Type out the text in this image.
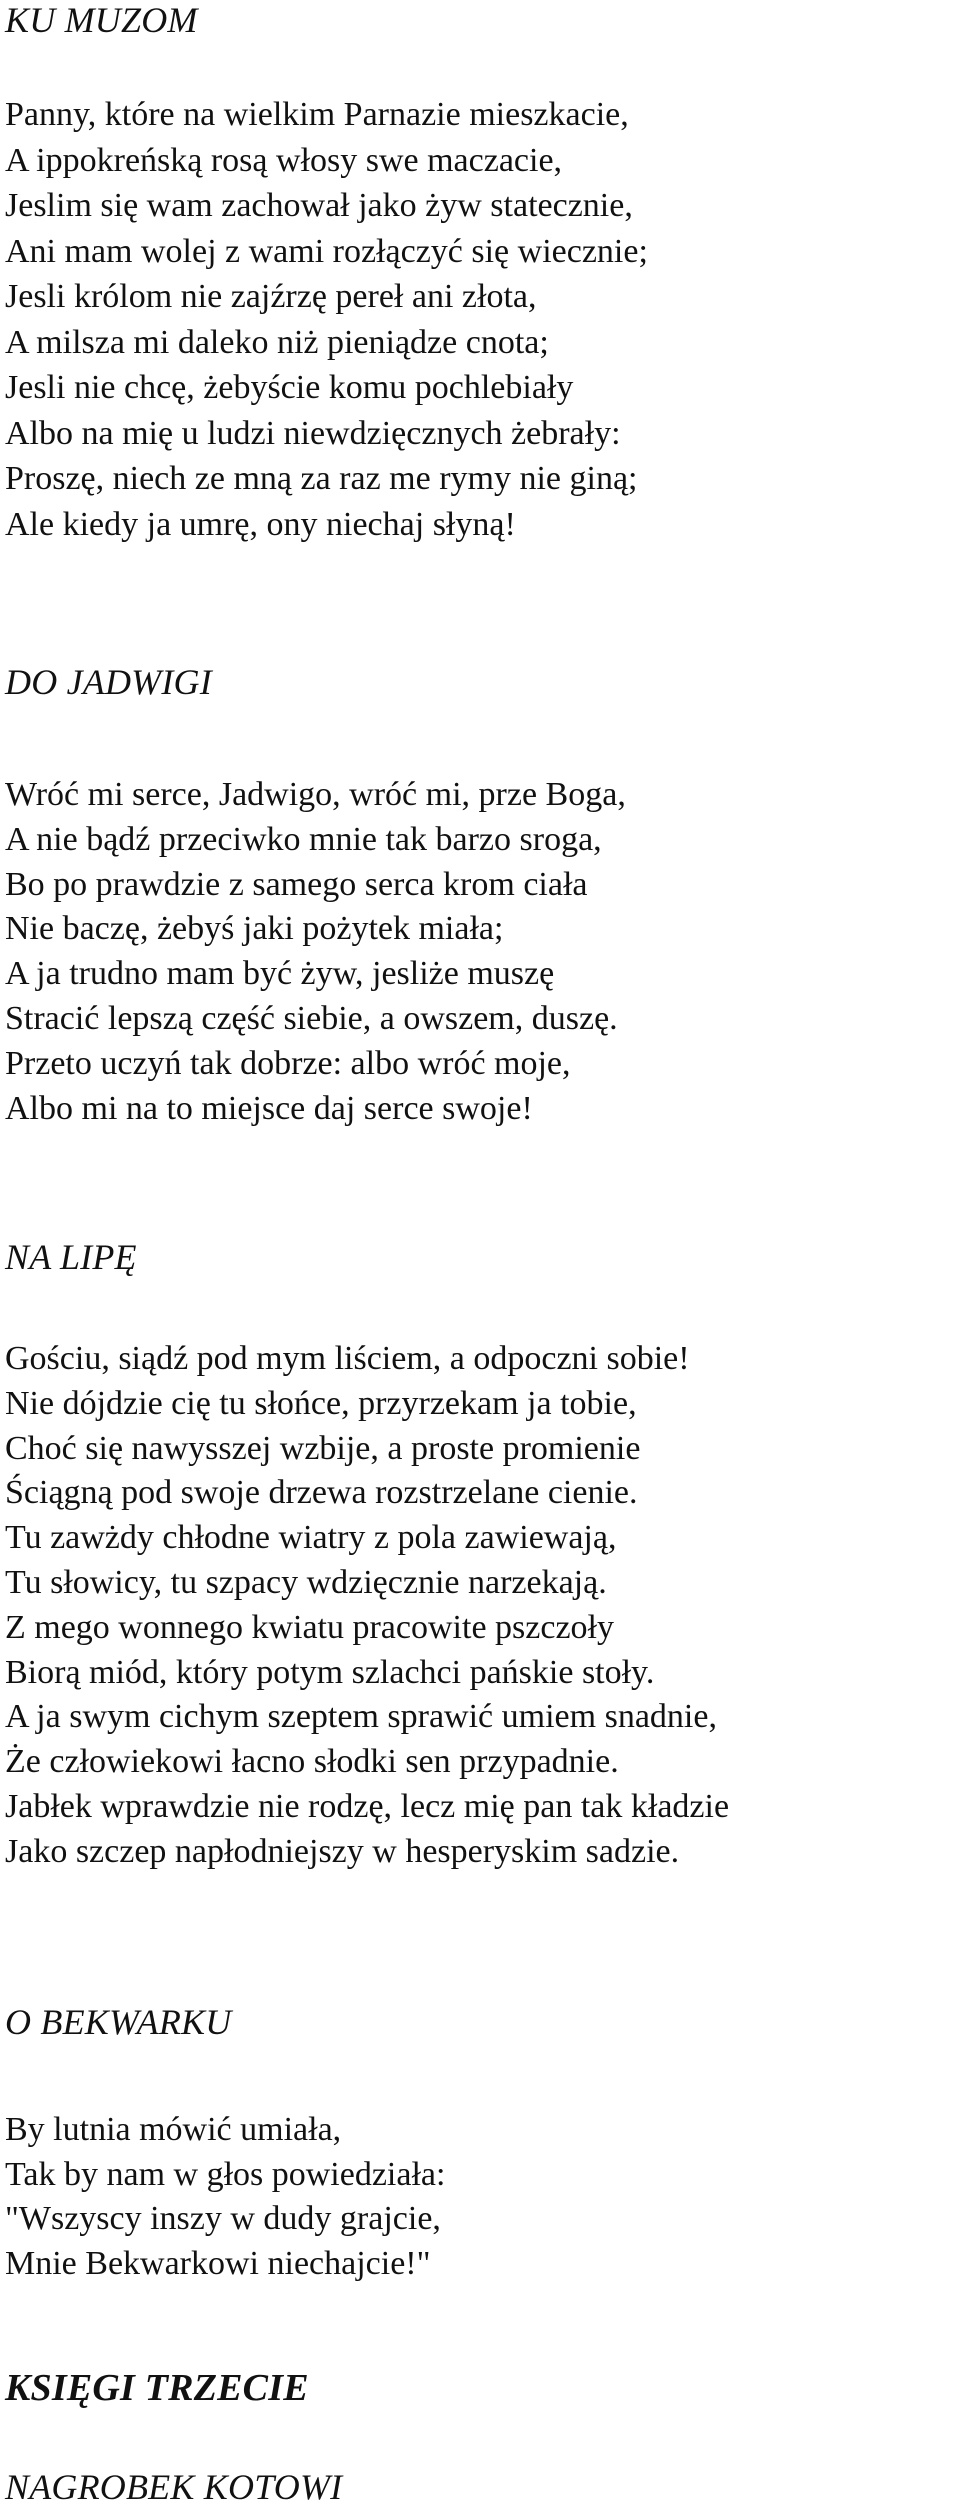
KU MUZOM
Panny, które na wielkim Parnazie mieszkacie,
A ippokreńską rosą włosy swe maczacie,
Jeslim się wam zachował jako żyw statecznie,
Ani mam wolej z wami rozłączyć się wiecznie;
Jesli królom nie zajźrzę pereł ani złota,
A milsza mi daleko niż pieniądze cnota;
Jesli nie chcę, żebyście komu pochlebiały
Albo na mię u ludzi niewdzięcznych żebrały:
Proszę, niech ze mną za raz me rymy nie giną;
Ale kiedy ja umrę, ony niechaj słyną!
DO JADWIGI
Wróć mi serce, Jadwigo, wróć mi, prze Boga,
A nie bądź przeciwko mnie tak barzo sroga,
Bo po prawdzie z samego serca krom ciała
Nie baczę, żebyś jaki pożytek miała;
A ja trudno mam być żyw, jesliże muszę
Stracić lepszą część siebie, a owszem, duszę.
Przeto uczyń tak dobrze: albo wróć moje,
Albo mi na to miejsce daj serce swoje!
NA LIPĘ
Gościu, siądź pod mym liściem, a odpoczni sobie!
Nie dójdzie cię tu słońce, przyrzekam ja tobie,
Choć się nawysszej wzbije, a proste promienie
Ściągną pod swoje drzewa rozstrzelane cienie.
Tu zawżdy chłodne wiatry z pola zawiewają,
Tu słowicy, tu szpacy wdzięcznie narzekają.
Z mego wonnego kwiatu pracowite pszczoły
Biorą miód, który potym szlachci pańskie stoły.
A ja swym cichym szeptem sprawić umiem snadnie,
Że człowiekowi łacno słodki sen przypadnie.
Jabłek wprawdzie nie rodzę, lecz mię pan tak kładzie
Jako szczep napłodniejszy w hesperyskim sadzie.
O BEKWARKU
By lutnia mówić umiała,
Tak by nam w głos powiedziała:
"Wszyscy inszy w dudy grajcie,
Mnie Bekwarkowi niechajcie!"
KSIĘGI TRZECIE
NAGROBEK KOTOWI
